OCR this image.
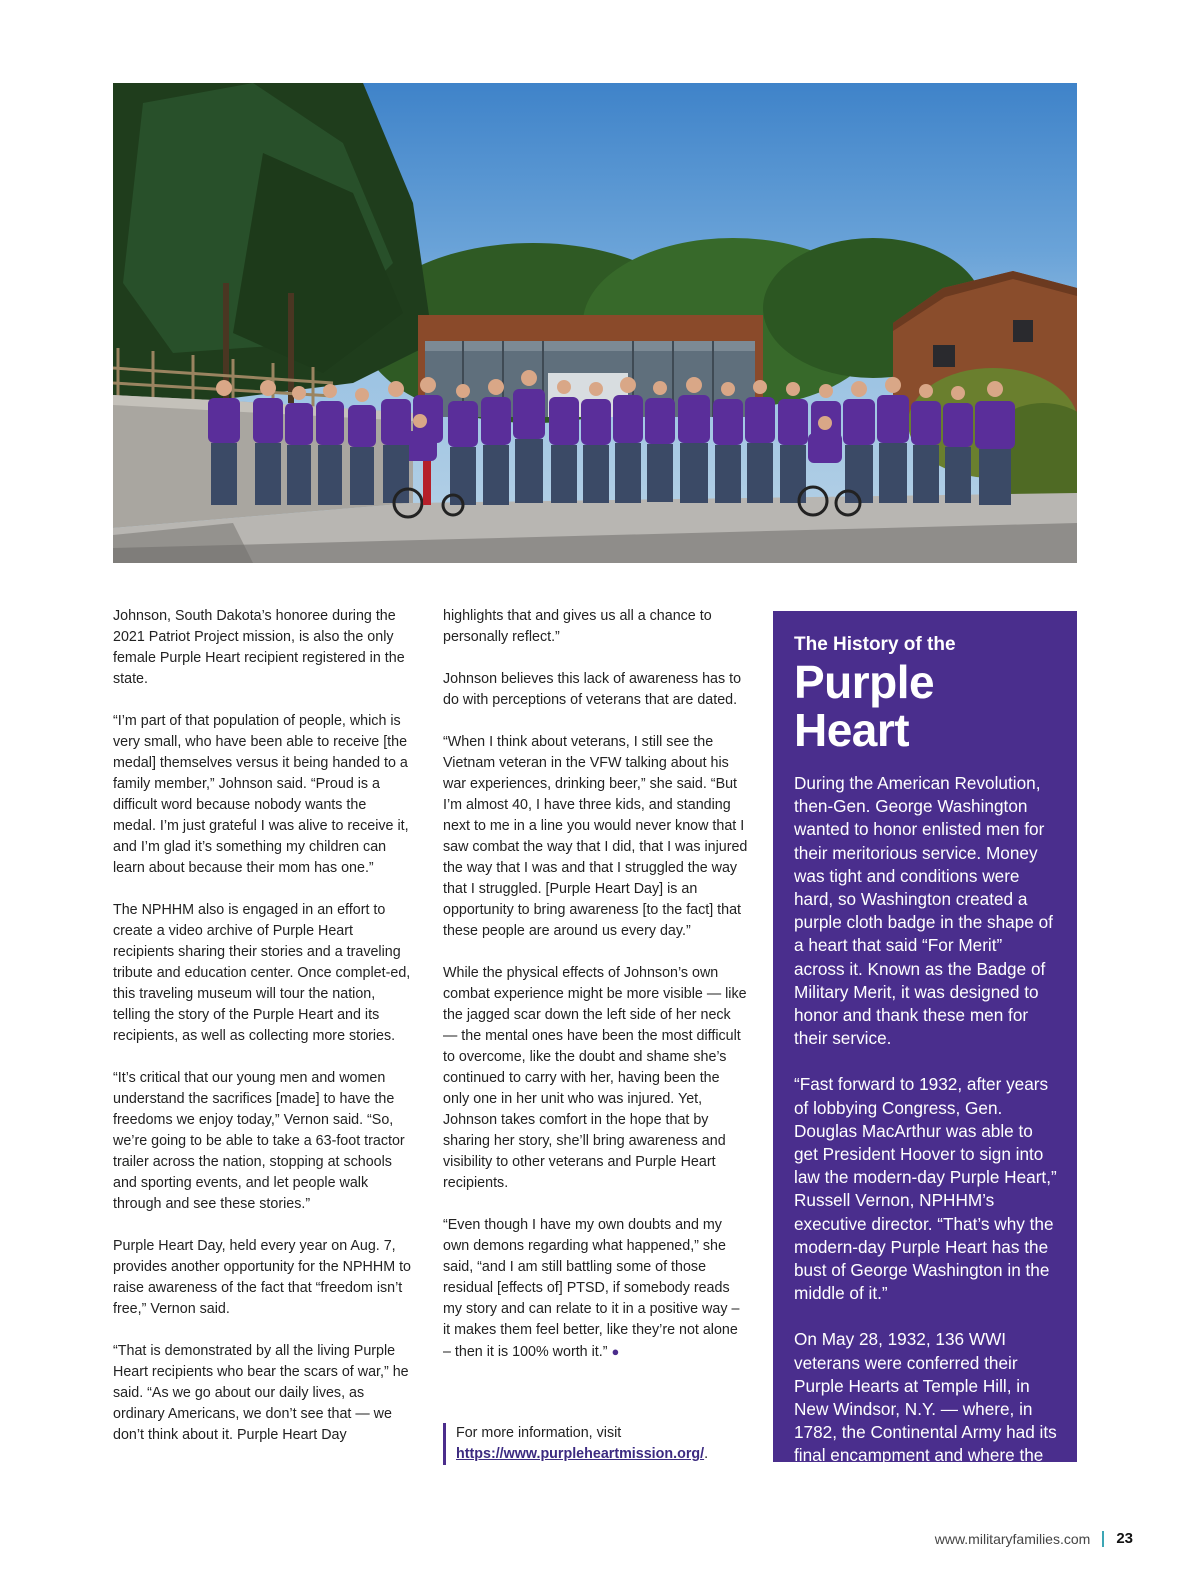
Johnson, South Dakota’s honoree during the 2021 Patriot Project mission, is also the only female Purple Heart recipient registered in the state.

“I’m part of that population of people, which is very small, who have been able to receive [the medal] themselves versus it being handed to a family member,” Johnson said. “Proud is a difficult word because nobody wants the medal. I’m just grateful I was alive to receive it, and I’m glad it’s something my children can learn about because their mom has one.”

The NPHHM also is engaged in an effort to create a video archive of Purple Heart recipients sharing their stories and a traveling tribute and education center. Once complet-ed, this traveling museum will tour the nation, telling the story of the Purple Heart and its recipients, as well as collecting more stories.

“It’s critical that our young men and women understand the sacrifices [made] to have the freedoms we enjoy today,” Vernon said. “So, we’re going to be able to take a 63-foot tractor trailer across the nation, stopping at schools and sporting events, and let people walk through and see these stories.”

Purple Heart Day, held every year on Aug. 7, provides another opportunity for the NPHHM to raise awareness of the fact that “freedom isn’t free,” Vernon said.

“That is demonstrated by all the living Purple Heart recipients who bear the scars of war,” he said. “As we go about our daily lives, as ordinary Americans, we don’t see that — we don’t think about it. Purple Heart Day

highlights that and gives us all a chance to personally reflect.”

Johnson believes this lack of awareness has to do with perceptions of veterans that are dated.

“When I think about veterans, I still see the Vietnam veteran in the VFW talking about his war experiences, drinking beer,” she said. “But I’m almost 40, I have three kids, and standing next to me in a line you would never know that I saw combat the way that I did, that I was injured the way that I was and that I struggled the way that I struggled. [Purple Heart Day] is an opportunity to bring awareness [to the fact] that these people are around us every day.”

While the physical effects of Johnson’s own combat experience might be more visible — like the jagged scar down the left side of her neck — the mental ones have been the most difficult to overcome, like the doubt and shame she’s continued to carry with her, having been the only one in her unit who was injured. Yet, Johnson takes comfort in the hope that by sharing her story, she’ll bring awareness and visibility to other veterans and Purple Heart recipients.

“Even though I have my own doubts and my own demons regarding what happened,” she said, “and I am still battling some of those residual [effects of] PTSD, if somebody reads my story and can relate to it in a positive way – it makes them feel better, like they’re not alone – then it is 100% worth it.” ●

For more information, visit
https://www.purpleheartmission.org/.
The History of the
Purple Heart

During the American Revolution, then-Gen. George Washington wanted to honor enlisted men for their meritorious service. Money was tight and conditions were hard, so Washington created a purple cloth badge in the shape of a heart that said “For Merit” across it. Known as the Badge of Military Merit, it was designed to honor and thank these men for their service.

“Fast forward to 1932, after years of lobbying Congress, Gen. Douglas MacArthur was able to get President Hoover to sign into law the modern-day Purple Heart,” Russell Vernon, NPHHM’s executive director. “That’s why the modern-day Purple Heart has the bust of George Washington in the middle of it.”

On May 28, 1932, 136 WWI veterans were conferred their Purple Hearts at Temple Hill, in New Windsor, N.Y. — where, in 1782, the Continental Army had its final encampment and where the National Purple Heart Honor Mission stands today.

www.militaryfamilies.com 23
